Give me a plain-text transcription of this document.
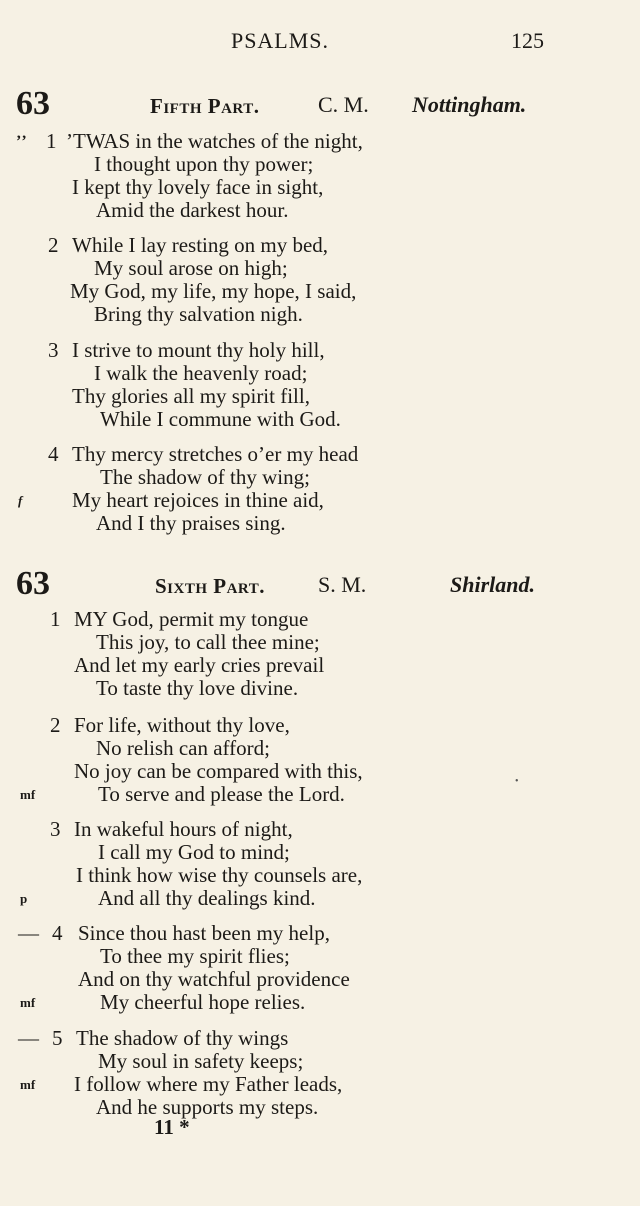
PSALMS.	125
63	Fifth Part.	C. M. Nottingham.
ʼʼ 1 ’TWAS in the watches of the night,
I thought upon thy power;
I kept thy lovely face in sight,
Amid the darkest hour.
2 While I lay resting on my bed,
My soul arose on high;
My God, my life, my hope, I said,
Bring thy salvation nigh.
3 I strive to mount thy holy hill,
I walk the heavenly road;
Thy glories all my spirit fill,
While I commune with God.
4 Thy mercy stretches o’er my head
The shadow of thy wing;
f My heart rejoices in thine aid,
And I thy praises sing.
63	Sixth Part. S. M.	Shirland.
1 MY God, permit my tongue
This joy, to call thee mine;
And let my early cries prevail
To taste thy love divine.
2 For life, without thy love,
No relish can afford;
No joy can be compared with this,
mf	To serve and please the Lord.
•
3 In wakeful hours of night,
I call my God to mind;
I think how wise thy counsels are,
p	And all thy dealings kind.
— 4 Since thou hast been my help,
To thee my spirit flies;
And on thy watchful providence
mf	My cheerful hope relies.
— 5 The shadow of thy wings
My soul in safety keeps;
mf I follow where my Father leads,
And he supports my steps.
11 *
